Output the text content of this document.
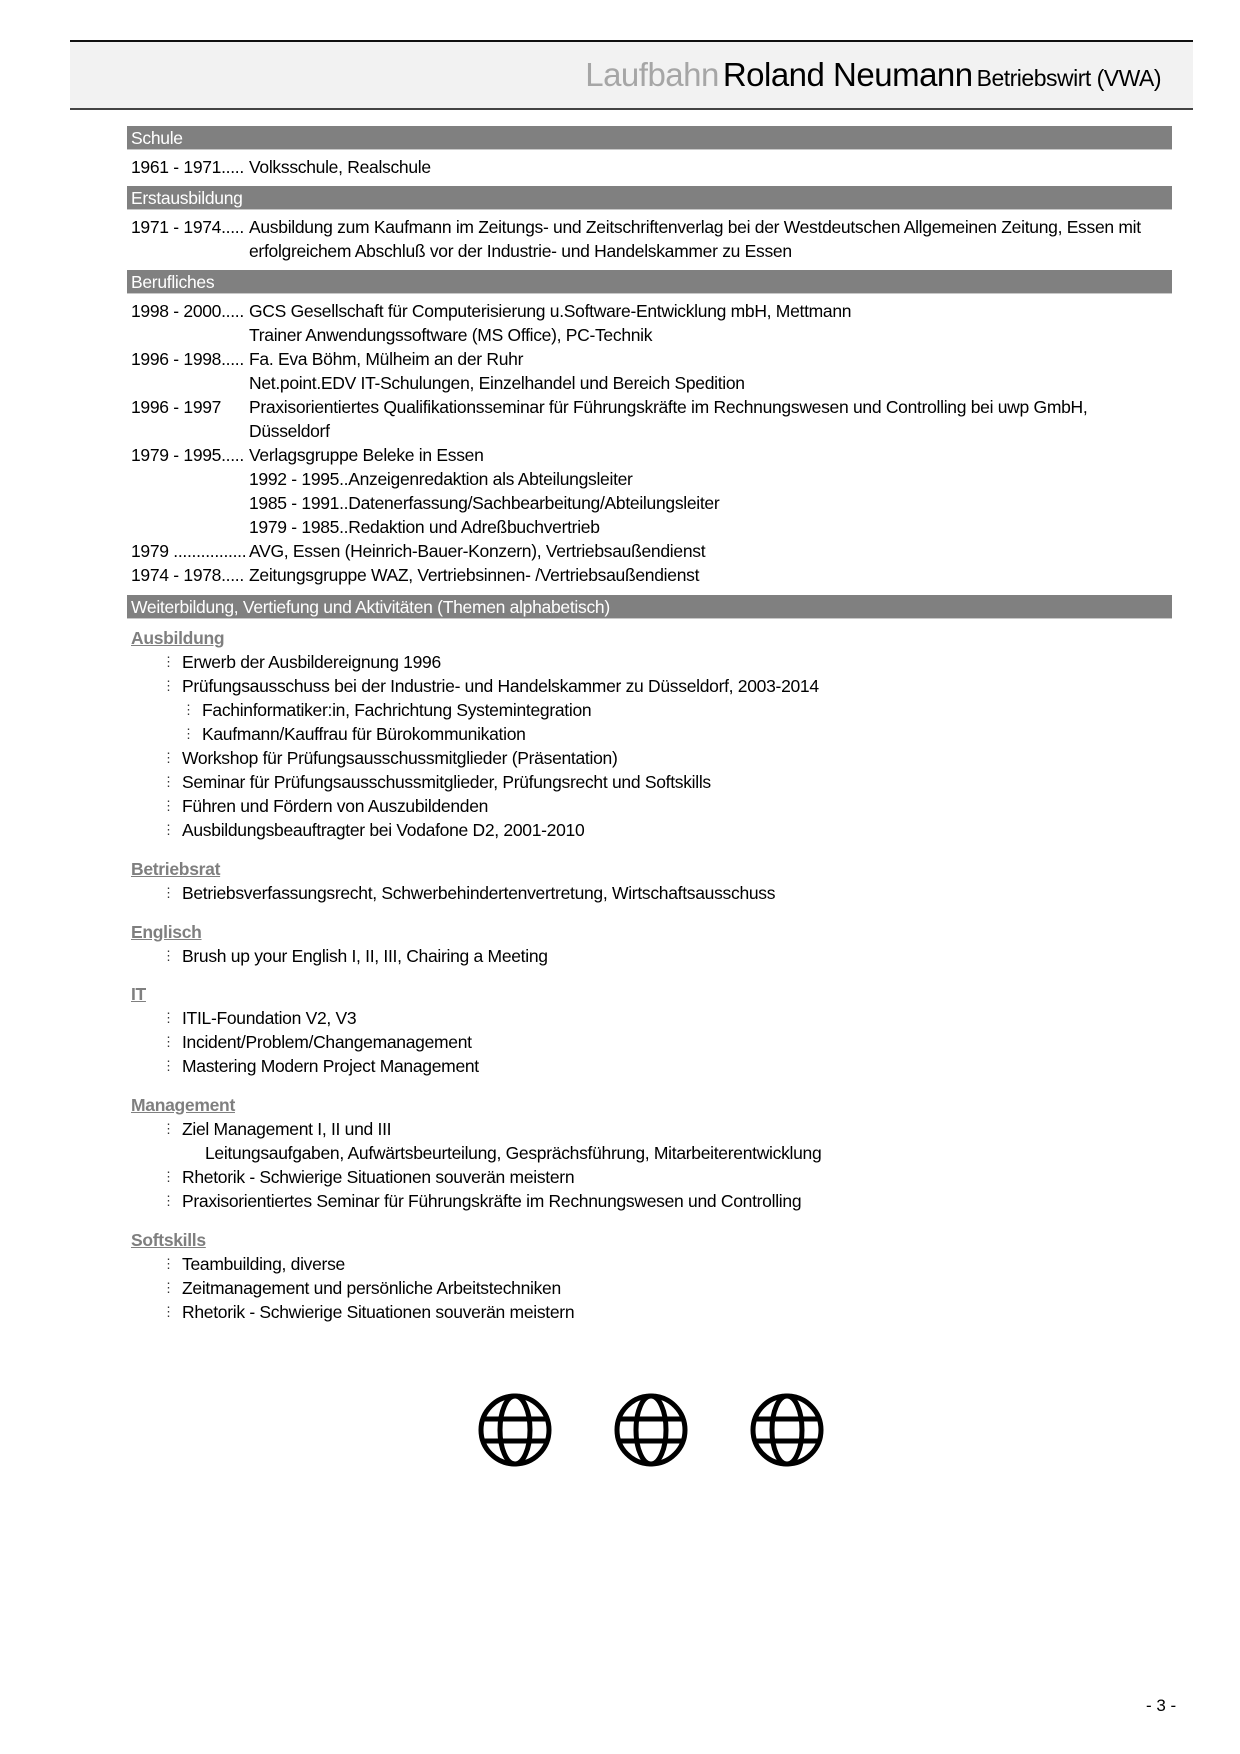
Laufbahn Roland Neumann Betriebswirt (VWA)
Schule
1961 - 1971..... Volksschule, Realschule
Erstausbildung
1971 - 1974..... Ausbildung zum Kaufmann im Zeitungs- und Zeitschriftenverlag bei der Westdeutschen Allgemeinen Zeitung, Essen mit
erfolgreichem Abschluß vor der Industrie- und Handelskammer zu Essen
Berufliches
1998 - 2000..... GCS Gesellschaft für Computerisierung u.Software-Entwicklung mbH, Mettmann
Trainer Anwendungssoftware (MS Office), PC-Technik
1996 - 1998..... Fa. Eva Böhm, Mülheim an der Ruhr
Net.point.EDV IT-Schulungen, Einzelhandel und Bereich Spedition
1996 - 1997 Praxisorientiertes Qualifikationsseminar für Führungskräfte im Rechnungswesen und Controlling bei uwp GmbH,
Düsseldorf
1979 - 1995..... Verlagsgruppe Beleke in Essen
1992 - 1995..Anzeigenredaktion als Abteilungsleiter
1985 - 1991..Datenerfassung/Sachbearbeitung/Abteilungsleiter
1979 - 1985..Redaktion und Adreßbuchvertrieb
1979 ................ AVG, Essen (Heinrich-Bauer-Konzern), Vertriebsaußendienst
1974 - 1978..... Zeitungsgruppe WAZ, Vertriebsinnen- /Vertriebsaußendienst
Weiterbildung, Vertiefung und Aktivitäten (Themen alphabetisch)
Ausbildung
⋮ Erwerb der Ausbildereignung 1996
⋮ Prüfungsausschuss bei der Industrie- und Handelskammer zu Düsseldorf, 2003-2014
⋮ Fachinformatiker:in, Fachrichtung Systemintegration
⋮ Kaufmann/Kauffrau für Bürokommunikation
⋮ Workshop für Prüfungsausschussmitglieder (Präsentation)
⋮ Seminar für Prüfungsausschussmitglieder, Prüfungsrecht und Softskills
⋮ Führen und Fördern von Auszubildenden
⋮ Ausbildungsbeauftragter bei Vodafone D2, 2001-2010
Betriebsrat
⋮ Betriebsverfassungsrecht, Schwerbehindertenvertretung, Wirtschaftsausschuss
Englisch
⋮ Brush up your English I, II, III, Chairing a Meeting
IT
⋮ ITIL-Foundation V2, V3
⋮ Incident/Problem/Changemanagement
⋮ Mastering Modern Project Management
Management
⋮ Ziel Management I, II und III
Leitungsaufgaben, Aufwärtsbeurteilung, Gesprächsführung, Mitarbeiterentwicklung
⋮ Rhetorik - Schwierige Situationen souverän meistern
⋮ Praxisorientiertes Seminar für Führungskräfte im Rechnungswesen und Controlling
Softskills
⋮ Teambuilding, diverse
⋮ Zeitmanagement und persönliche Arbeitstechniken
⋮ Rhetorik - Schwierige Situationen souverän meistern
- 3 -
